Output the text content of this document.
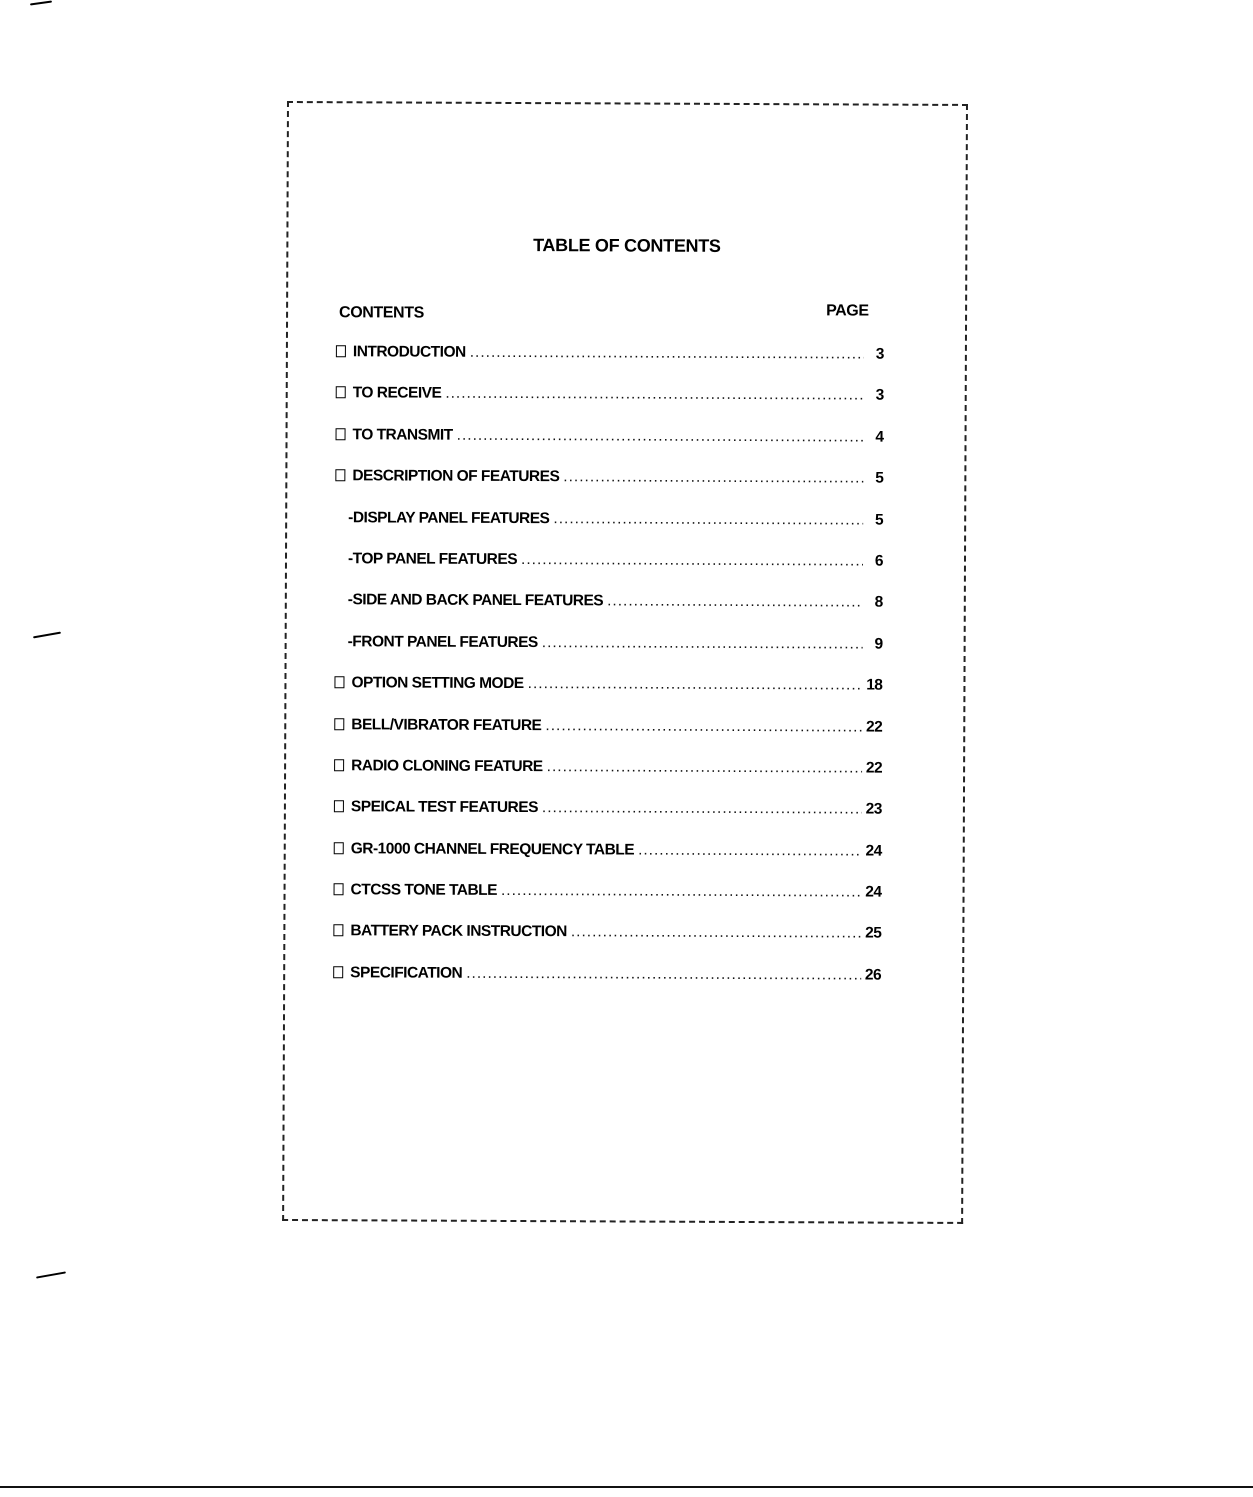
TABLE OF CONTENTS
CONTENTS	PAGE
INTRODUCTION .....	3
TO RECEIVE .....	3
TO TRANSMIT .....	4
DESCRIPTION OF FEATURES .....	5
-DISPLAY PANEL FEATURES .....	5
-TOP PANEL FEATURES .....	6
-SIDE AND BACK PANEL FEATURES .....	8
-FRONT PANEL FEATURES .....	9
OPTION SETTING MODE .....	18
BELL/VIBRATOR FEATURE .....	22
RADIO CLONING FEATURE .....	22
SPEICAL TEST FEATURES .....	23
GR-1000 CHANNEL FREQUENCY TABLE .....	24
CTCSS TONE TABLE .....	24
BATTERY PACK INSTRUCTION .....	25
SPECIFICATION .....	26
